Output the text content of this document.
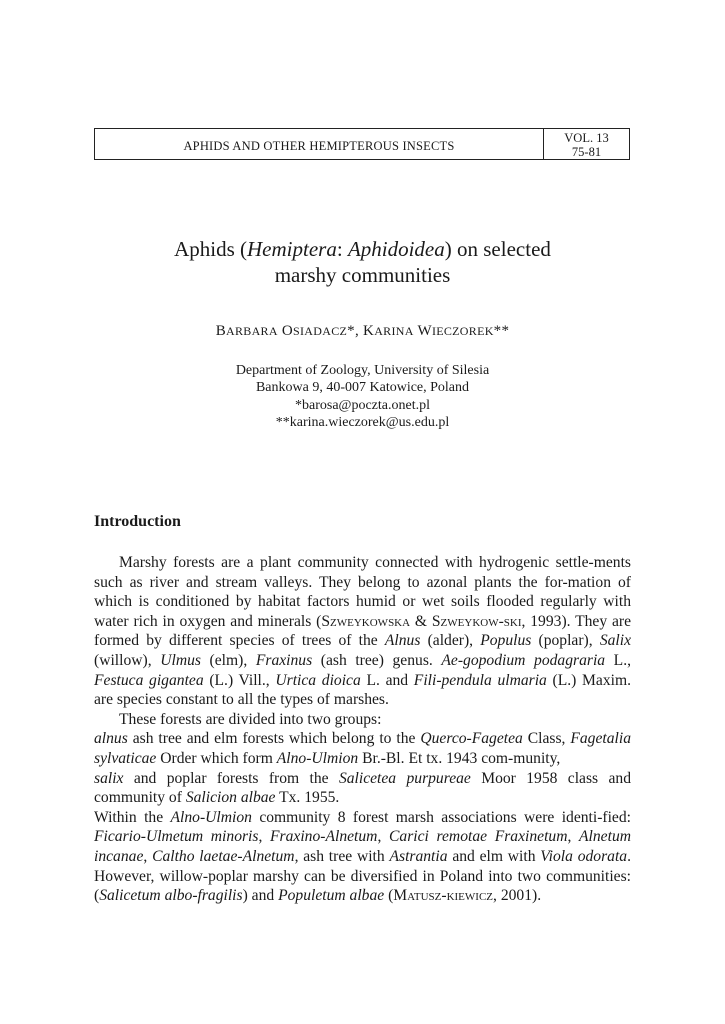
APHIDS AND OTHER HEMIPTEROUS INSECTS
VOL. 13
75-81
Aphids (Hemiptera: Aphidoidea) on selected
marshy communities
BARBARA OSIADACZ*, KARINA WIECZOREK**
Department of Zoology, University of Silesia
Bankowa 9, 40-007 Katowice, Poland
*barosa@poczta.onet.pl
**karina.wieczorek@us.edu.pl
Introduction

Marshy forests are a plant community connected with hydrogenic settle-ments such as river and stream valleys. They belong to azonal plants the for-mation of which is conditioned by habitat factors humid or wet soils flooded regularly with water rich in oxygen and minerals (Szweykowska & Szweykow-ski, 1993). They are formed by different species of trees of the Alnus (alder), Populus (poplar), Salix (willow), Ulmus (elm), Fraxinus (ash tree) genus. Ae-gopodium podagraria L., Festuca gigantea (L.) Vill., Urtica dioica L. and Fili-pendula ulmaria (L.) Maxim. are species constant to all the types of marshes.

These forests are divided into two groups:

alnus ash tree and elm forests which belong to the Querco-Fagetea Class, Fagetalia sylvaticae Order which form Alno-Ulmion Br.-Bl. Et tx. 1943 com-munity,

salix and poplar forests from the Salicetea purpureae Moor 1958 class and community of Salicion albae Tx. 1955.

Within the Alno-Ulmion community 8 forest marsh associations were identi-fied: Ficario-Ulmetum minoris, Fraxino-Alnetum, Carici remotae Fraxinetum, Alnetum incanae, Caltho laetae-Alnetum, ash tree with Astrantia and elm with Viola odorata. However, willow-poplar marshy can be diversified in Poland into two communities: (Salicetum albo-fragilis) and Populetum albae (Matusz-kiewicz, 2001).
